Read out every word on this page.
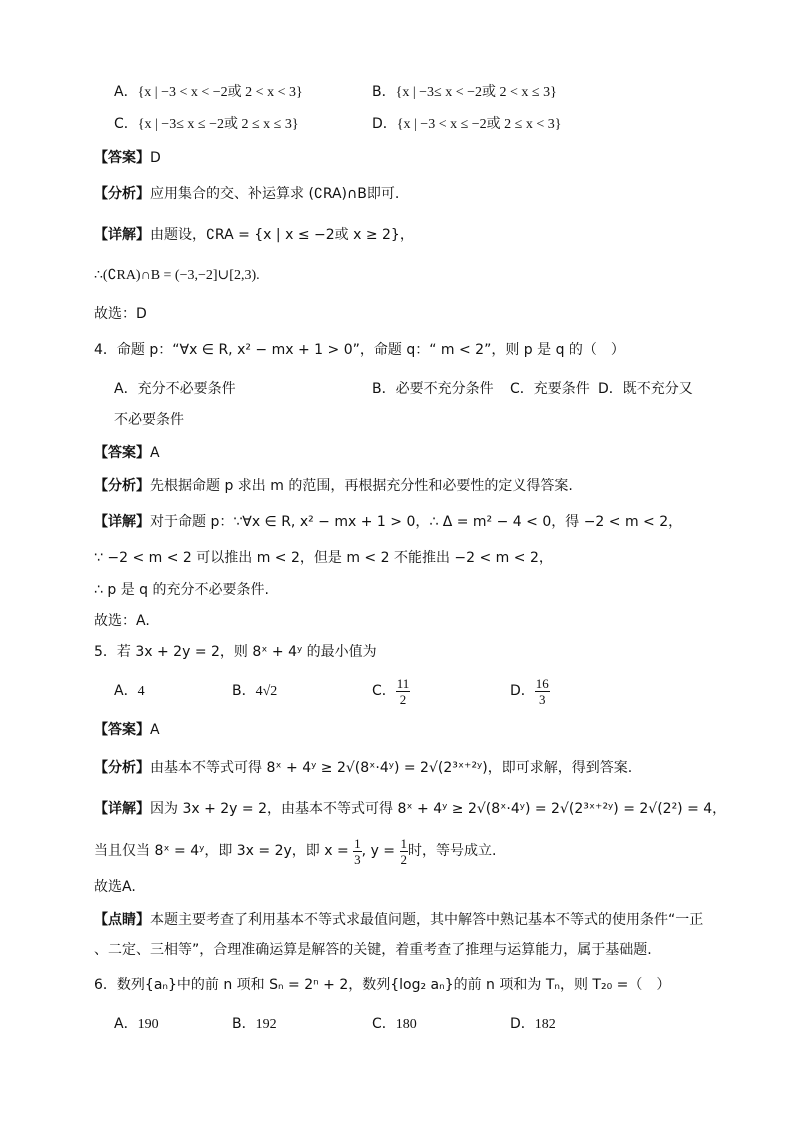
A．{x | −3 < x < −2或 2 < x < 3}	B．{x | −3≤ x < −2或 2 < x ≤ 3}
C．{x | −3≤ x ≤ −2或 2 ≤ x ≤ 3}	D．{x | −3 < x ≤ −2或 2 ≤ x < 3}
【答案】D
【分析】应用集合的交、补运算求 (∁RA)∩B即可.
【详解】由题设，∁RA = {x | x ≤ −2或 x ≥ 2}，
∴(∁RA)∩B = (−3,−2]∪[2,3).
故选：D
4．命题 p：“∀x ∈ R, x² − mx + 1 > 0”，命题 q：“ m < 2”，则 p 是 q 的（　）
A．充分不必要条件	B．必要不充分条件 C．充要条件 D．既不充分又
不必要条件
【答案】A
【分析】先根据命题 p 求出 m 的范围，再根据充分性和必要性的定义得答案.
【详解】对于命题 p：∵∀x ∈ R, x² − mx + 1 > 0，∴ Δ = m² − 4 < 0，得 −2 < m < 2，
∵ −2 < m < 2 可以推出 m < 2，但是 m < 2 不能推出 −2 < m < 2，
∴ p 是 q 的充分不必要条件.
故选：A.
5．若 3x + 2y = 2，则 8ˣ + 4ʸ 的最小值为
A．4	B．4√2	C． $\frac{11}{2}$	D． $\frac{16}{3}$
【答案】A
【分析】由基本不等式可得 8ˣ + 4ʸ ≥ 2√(8ˣ·4ʸ) = 2√(2³ˣ⁺²ʸ)，即可求解，得到答案.
【详解】因为 3x + 2y = 2，由基本不等式可得 8ˣ + 4ʸ ≥ 2√(8ˣ·4ʸ) = 2√(2³ˣ⁺²ʸ) = 2√(2²) = 4，
当且仅当 8ˣ = 4ʸ，即 3x = 2y，即 $x = \frac{1}{3}$ , $y = \frac{1}{2}$ 时，等号成立.
故选A.
【点睛】本题主要考查了利用基本不等式求最值问题，其中解答中熟记基本不等式的使用条件“一正
、二定、三相等”，合理准确运算是解答的关键，着重考查了推理与运算能力，属于基础题.
6．数列{aₙ}中的前 n 项和 Sₙ = 2ⁿ + 2，数列{log₂ aₙ}的前 n 项和为 Tₙ，则 T₂₀ =（　）
A．190	B．192	C．180	D．182
